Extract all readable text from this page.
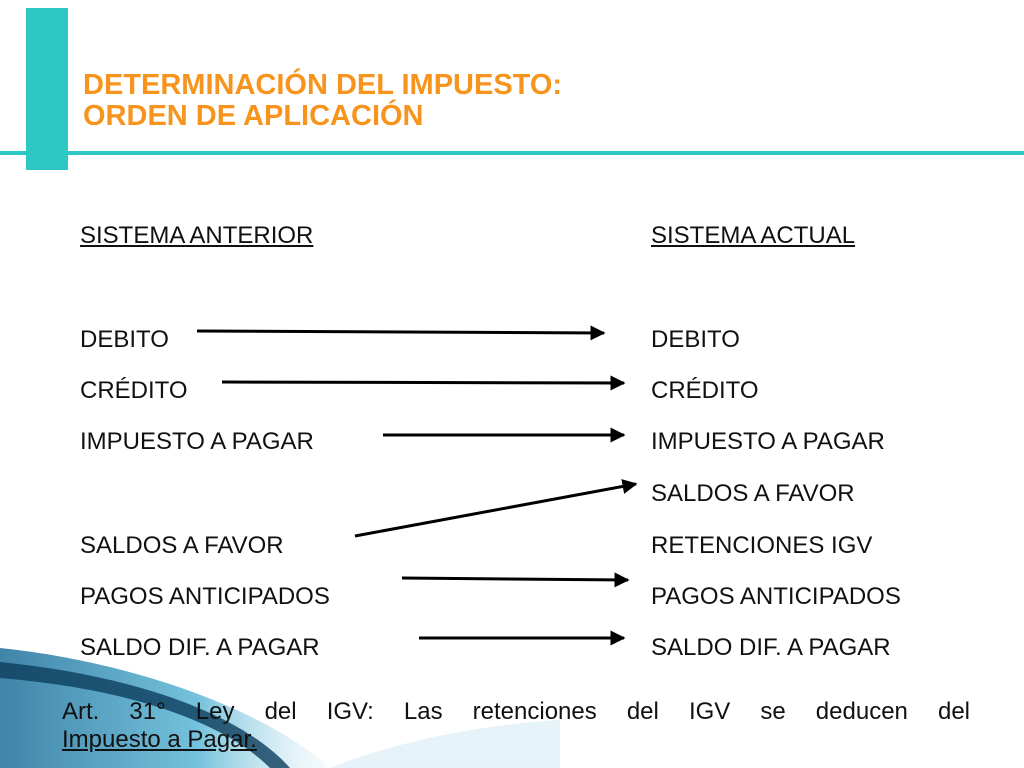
DETERMINACIÓN DEL IMPUESTO:
ORDEN DE APLICACIÓN
SISTEMA ANTERIOR	SISTEMA ACTUAL
DEBITO
CRÉDITO
IMPUESTO A PAGAR
SALDOS A FAVOR
PAGOS ANTICIPADOS
SALDO DIF. A PAGAR
DEBITO
CRÉDITO
IMPUESTO A PAGAR
SALDOS A FAVOR
RETENCIONES IGV
PAGOS ANTICIPADOS
SALDO DIF. A PAGAR
Art. 31° Ley del IGV: Las retenciones del IGV se deducen del
Impuesto a Pagar.
